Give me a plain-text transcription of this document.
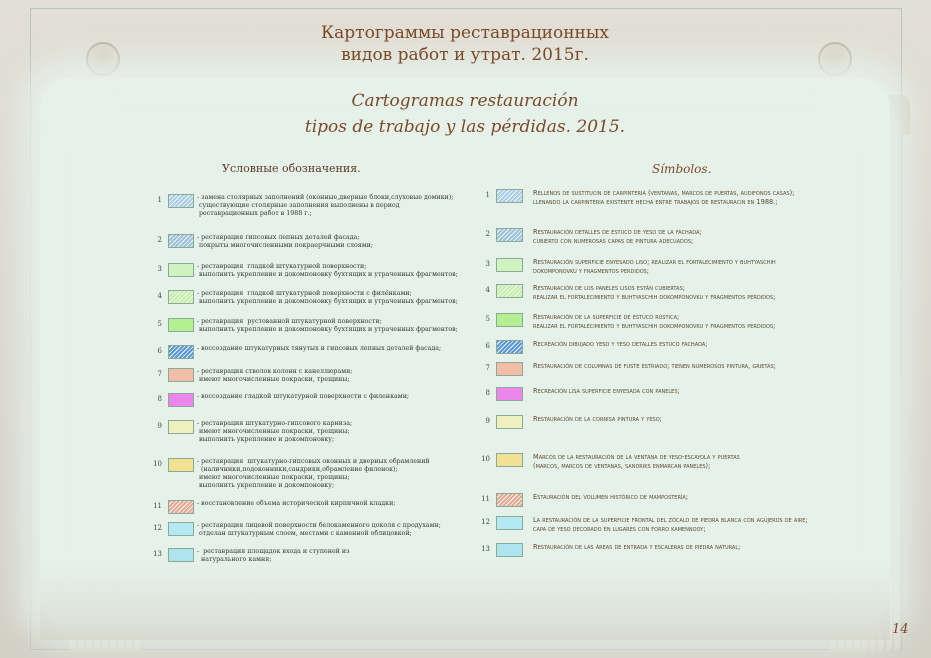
Картограммы реставрационных
видов работ и утрат. 2015г.
Cartogramas restauración
tipos de trabajo y las pérdidas. 2015.
Условные обозначения.	Símbolos.
1	- замена столярных заполнений (оконные,дверные блоки,слуховые домики);
существующие столярные заполнения выполнены в период
реставрационных работ в 1988 г.;
2	- реставрация гипсовых лепных деталей фасада;
покрыты многочисленными покраерчными слоями;
3	- реставрация  гладкой штукатурной поверхности;
выполнить укрепление и докомпоновку бухтящих и утраченных фрагментов;
4	- реставрация  гладкой штукатурной поверхности с филёнками;
выполнить укрепление и докомпоновку бухтящих и утраченных фрагментов;
5	- реставрация  рустованной штукатурной поверхности;
выполнить укрепление и докомпоновку бухтящих и утраченных фрагментов;
6	- воссоздание штукатурных тянутых и гипсовых лепных деталей фасада;
7	- реставрация стволов колонн с канеллюрами;
имеют многочисленные покраски, трещины;
8	- воссоздание гладкой штукатурной поверхности с филенками;
9	- реставрация штукатурно-гипсового карниза;
имеют многочисленные покраски, трещины;
выполнить укрепление и докомпоновку;
10	- реставрация  штукатурно-гипсовых оконных и дверных обрамлений
(наличники,подоконники,сандрики,обрамление филенок);
имеют многочисленные покраски, трещины;
выполнить укрепление и докомпоновку;
11	- восстановление объема исторической кирпичной кладки;
12	- реставрация лицевой поверхности белокаменного цоколя с продухами;
отделан штукатурным слоем, местами с каменной облицовкой;
13	-  реставрация площадок входа и ступеней из
натурального камня;
1	Rellenos de sustitucin de carpinteria (ventanas, marcos de puertas, audifonos casas);
llenando la carpinteria existente hecha entre trabajos de restauracin en 1988.;
2	Restauración detalles de estuco de yeso de la fachada;
cubierto con numerosas capas de pintura adecuados;
3	Restauración superficie enyesado liso; realizar el fortalecimiento y buhtyaschih
dokomponovku y fragmentos perdidos;
4	Restauración de los paneles lisos están cubiertas;
realizar el fortalecimiento y buhtyaschih dokomponovku y fragmentos perdidos;
5	Restauración de la superficie de estuco rústica;
realizar el fortalecimiento y buhtyaschih dokomponovku y fragmentos perdidos;
6	Recreación dibujado yeso y yeso detalles estuco fachada;
7	Restauración de columnas de fuste estriado; tienen numerosos pintura, grietas;
8	Recreación lisa superficie enyesada con paneles;
9	Restauración de la cornisa pintura y yeso;
10	Marcos de la restauración de la ventana de yeso-escayola y puertas
(marcos, marcos de ventanas, sandriks enmarcan paneles);
11	Estauración del volumen histórico de mampostería;
12	La restauración de la superficie frontal del zócalo de piedra blanca con agujeros de aire;
capa de yeso decorado en lugares con forro kamennooy;
13	Restauración de las áreas de entrada y escaleras de piedra natural;
14
